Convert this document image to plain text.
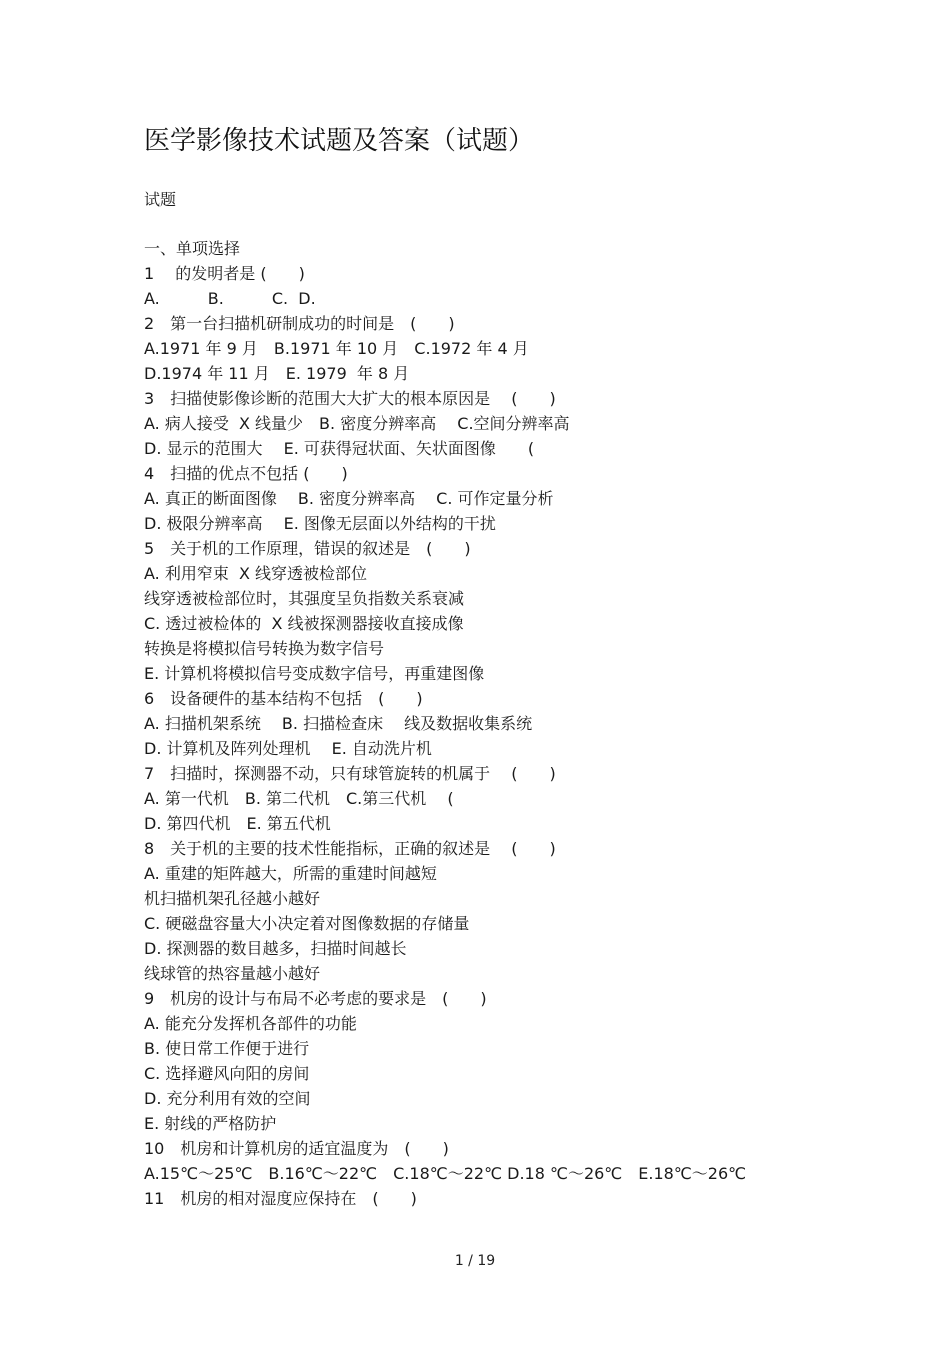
医学影像技术试题及答案（试题）
试题
一、单项选择
1　 的发明者是 (　　)
A.　　　B.　　　C.  D.
2　第一台扫描机研制成功的时间是　(　　)
A.1971 年 9 月　B.1971 年 10 月　C.1972 年 4 月
D.1974 年 11 月　E. 1979  年 8 月
3　扫描使影像诊断的范围大大扩大的根本原因是　 (　　)
A. 病人接受  X 线量少　B. 密度分辨率高　 C.空间分辨率高
D. 显示的范围大　 E. 可获得冠状面、矢状面图像　　(
4　扫描的优点不包括 (　　)
A. 真正的断面图像　 B. 密度分辨率高　 C. 可作定量分析
D. 极限分辨率高　 E. 图像无层面以外结构的干扰
5　关于机的工作原理，错误的叙述是　(　　)
A. 利用窄束  X 线穿透被检部位
线穿透被检部位时，其强度呈负指数关系衰减
C. 透过被检体的  X 线被探测器接收直接成像
转换是将模拟信号转换为数字信号
E. 计算机将模拟信号变成数字信号，再重建图像
6　设备硬件的基本结构不包括　(　　)
A. 扫描机架系统　 B. 扫描检查床　 线及数据收集系统
D. 计算机及阵列处理机　 E. 自动洗片机
7　扫描时，探测器不动，只有球管旋转的机属于　 (　　)
A. 第一代机　B. 第二代机　C.第三代机　 (
D. 第四代机　E. 第五代机
8　关于机的主要的技术性能指标，正确的叙述是　 (　　)
A. 重建的矩阵越大，所需的重建时间越短
机扫描机架孔径越小越好
C. 硬磁盘容量大小决定着对图像数据的存储量
D. 探测器的数目越多，扫描时间越长
线球管的热容量越小越好
9　机房的设计与布局不必考虑的要求是　(　　)
A. 能充分发挥机各部件的功能
B. 使日常工作便于进行
C. 选择避风向阳的房间
D. 充分利用有效的空间
E. 射线的严格防护
10　机房和计算机房的适宜温度为　(　　)
A.15℃～25℃　B.16℃～22℃　C.18℃～22℃ D.18 ℃～26℃　E.18℃～26℃
11　机房的相对湿度应保持在　(　　)
1 / 19
